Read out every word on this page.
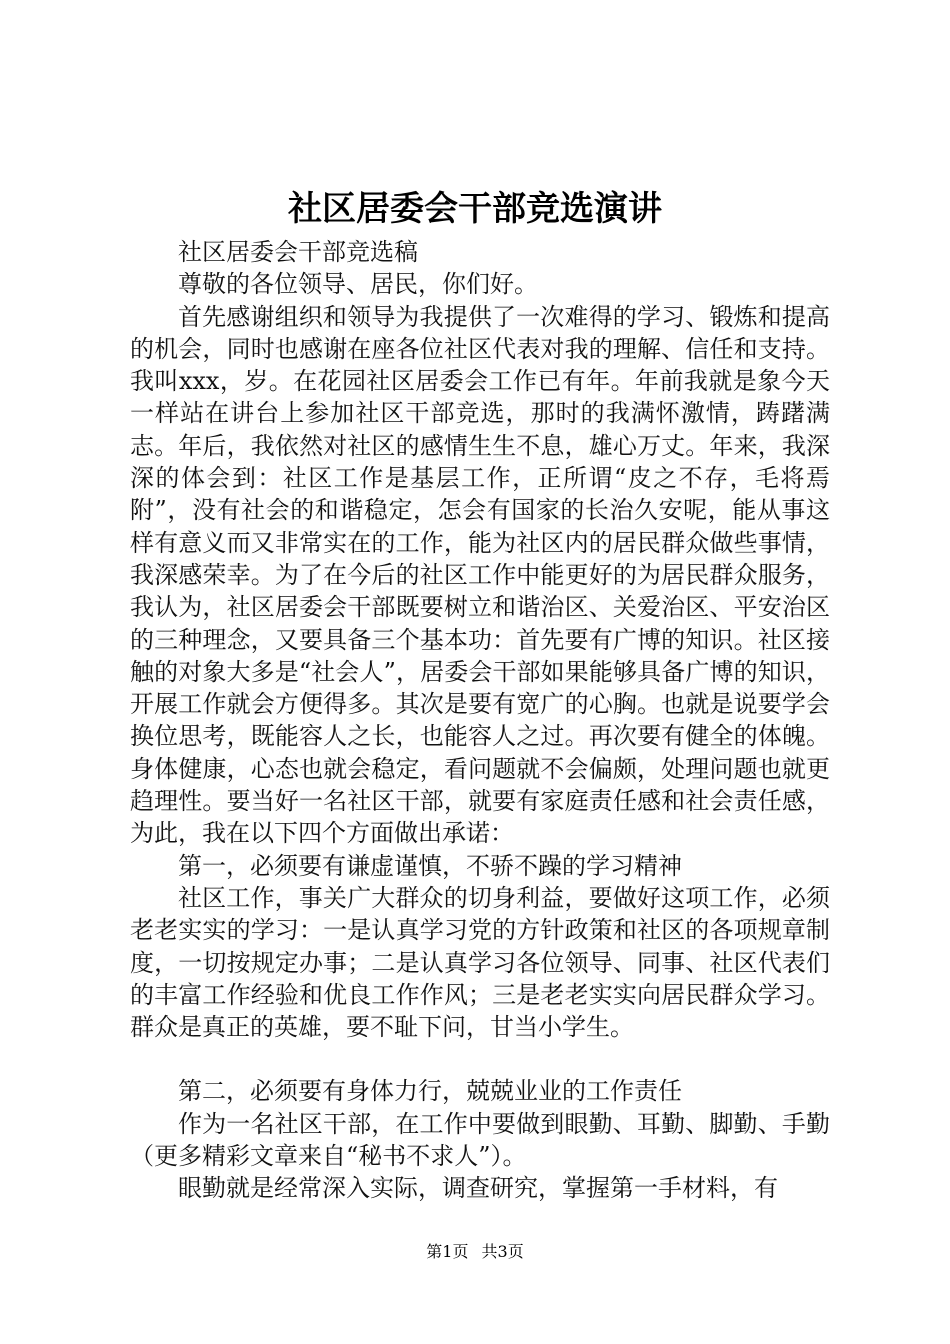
社区居委会干部竞选演讲

社区居委会干部竞选稿

尊敬的各位领导、居民，你们好。

首先感谢组织和领导为我提供了一次难得的学习、锻炼和提高的机会，同时也感谢在座各位社区代表对我的理解、信任和支持。我叫xxx，岁。在花园社区居委会工作已有年。年前我就是象今天一样站在讲台上参加社区干部竞选，那时的我满怀激情，踌躇满志。年后，我依然对社区的感情生生不息，雄心万丈。年来，我深深的体会到：社区工作是基层工作，正所谓“皮之不存，毛将焉附”，没有社会的和谐稳定，怎会有国家的长治久安呢，能从事这样有意义而又非常实在的工作，能为社区内的居民群众做些事情，我深感荣幸。为了在今后的社区工作中能更好的为居民群众服务，我认为，社区居委会干部既要树立和谐治区、关爱治区、平安治区的三种理念，又要具备三个基本功：首先要有广博的知识。社区接触的对象大多是“社会人”，居委会干部如果能够具备广博的知识，开展工作就会方便得多。其次是要有宽广的心胸。也就是说要学会换位思考，既能容人之长，也能容人之过。再次要有健全的体魄。身体健康，心态也就会稳定，看问题就不会偏颇，处理问题也就更趋理性。要当好一名社区干部，就要有家庭责任感和社会责任感，为此，我在以下四个方面做出承诺：

第一，必须要有谦虚谨慎，不骄不躁的学习精神

社区工作，事关广大群众的切身利益，要做好这项工作，必须老老实实的学习：一是认真学习党的方针政策和社区的各项规章制度，一切按规定办事；二是认真学习各位领导、同事、社区代表们的丰富工作经验和优良工作作风；三是老老实实向居民群众学习。群众是真正的英雄，要不耻下问，甘当小学生。

第二，必须要有身体力行，兢兢业业的工作责任

作为一名社区干部，在工作中要做到眼勤、耳勤、脚勤、手勤（更多精彩文章来自“秘书不求人”）。

眼勤就是经常深入实际，调查研究，掌握第一手材料，有

第1页 共3页
